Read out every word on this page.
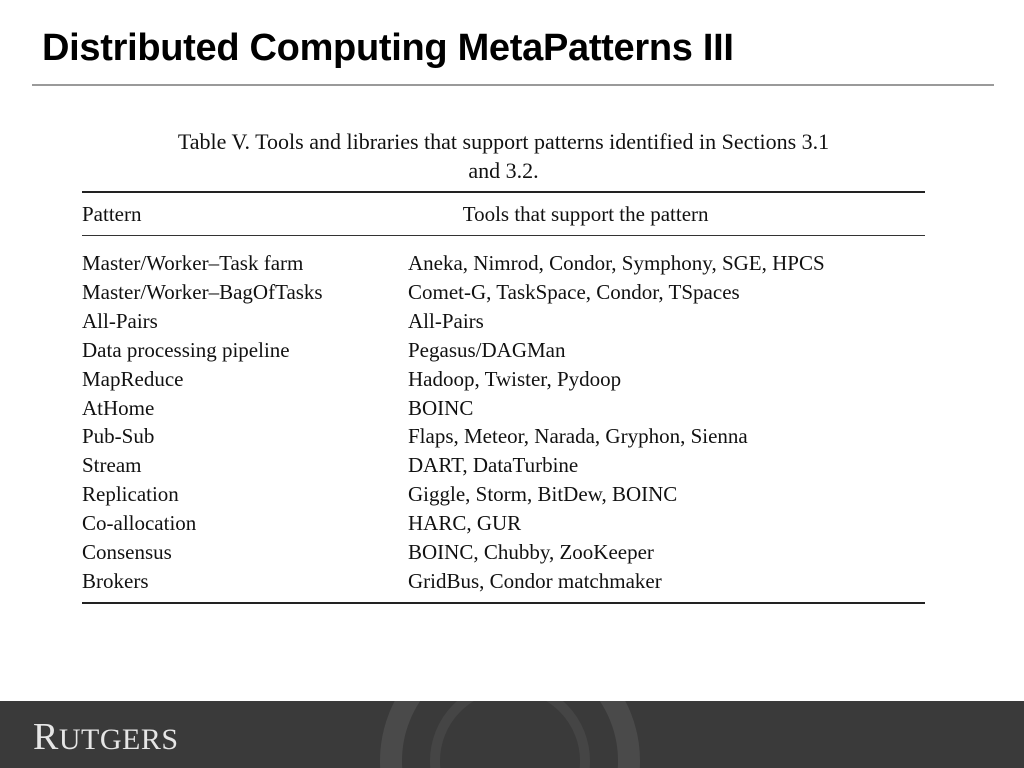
Distributed Computing MetaPatterns III
Table V. Tools and libraries that support patterns identified in Sections 3.1
and 3.2.
Pattern	Tools that support the pattern
Master/Worker–Task farm	Aneka, Nimrod, Condor, Symphony, SGE, HPCS
Master/Worker–BagOfTasks	Comet-G, TaskSpace, Condor, TSpaces
All-Pairs	All-Pairs
Data processing pipeline	Pegasus/DAGMan
MapReduce	Hadoop, Twister, Pydoop
AtHome	BOINC
Pub-Sub	Flaps, Meteor, Narada, Gryphon, Sienna
Stream	DART, DataTurbine
Replication	Giggle, Storm, BitDew, BOINC
Co-allocation	HARC, GUR
Consensus	BOINC, Chubby, ZooKeeper
Brokers	GridBus, Condor matchmaker
RUTGERS
